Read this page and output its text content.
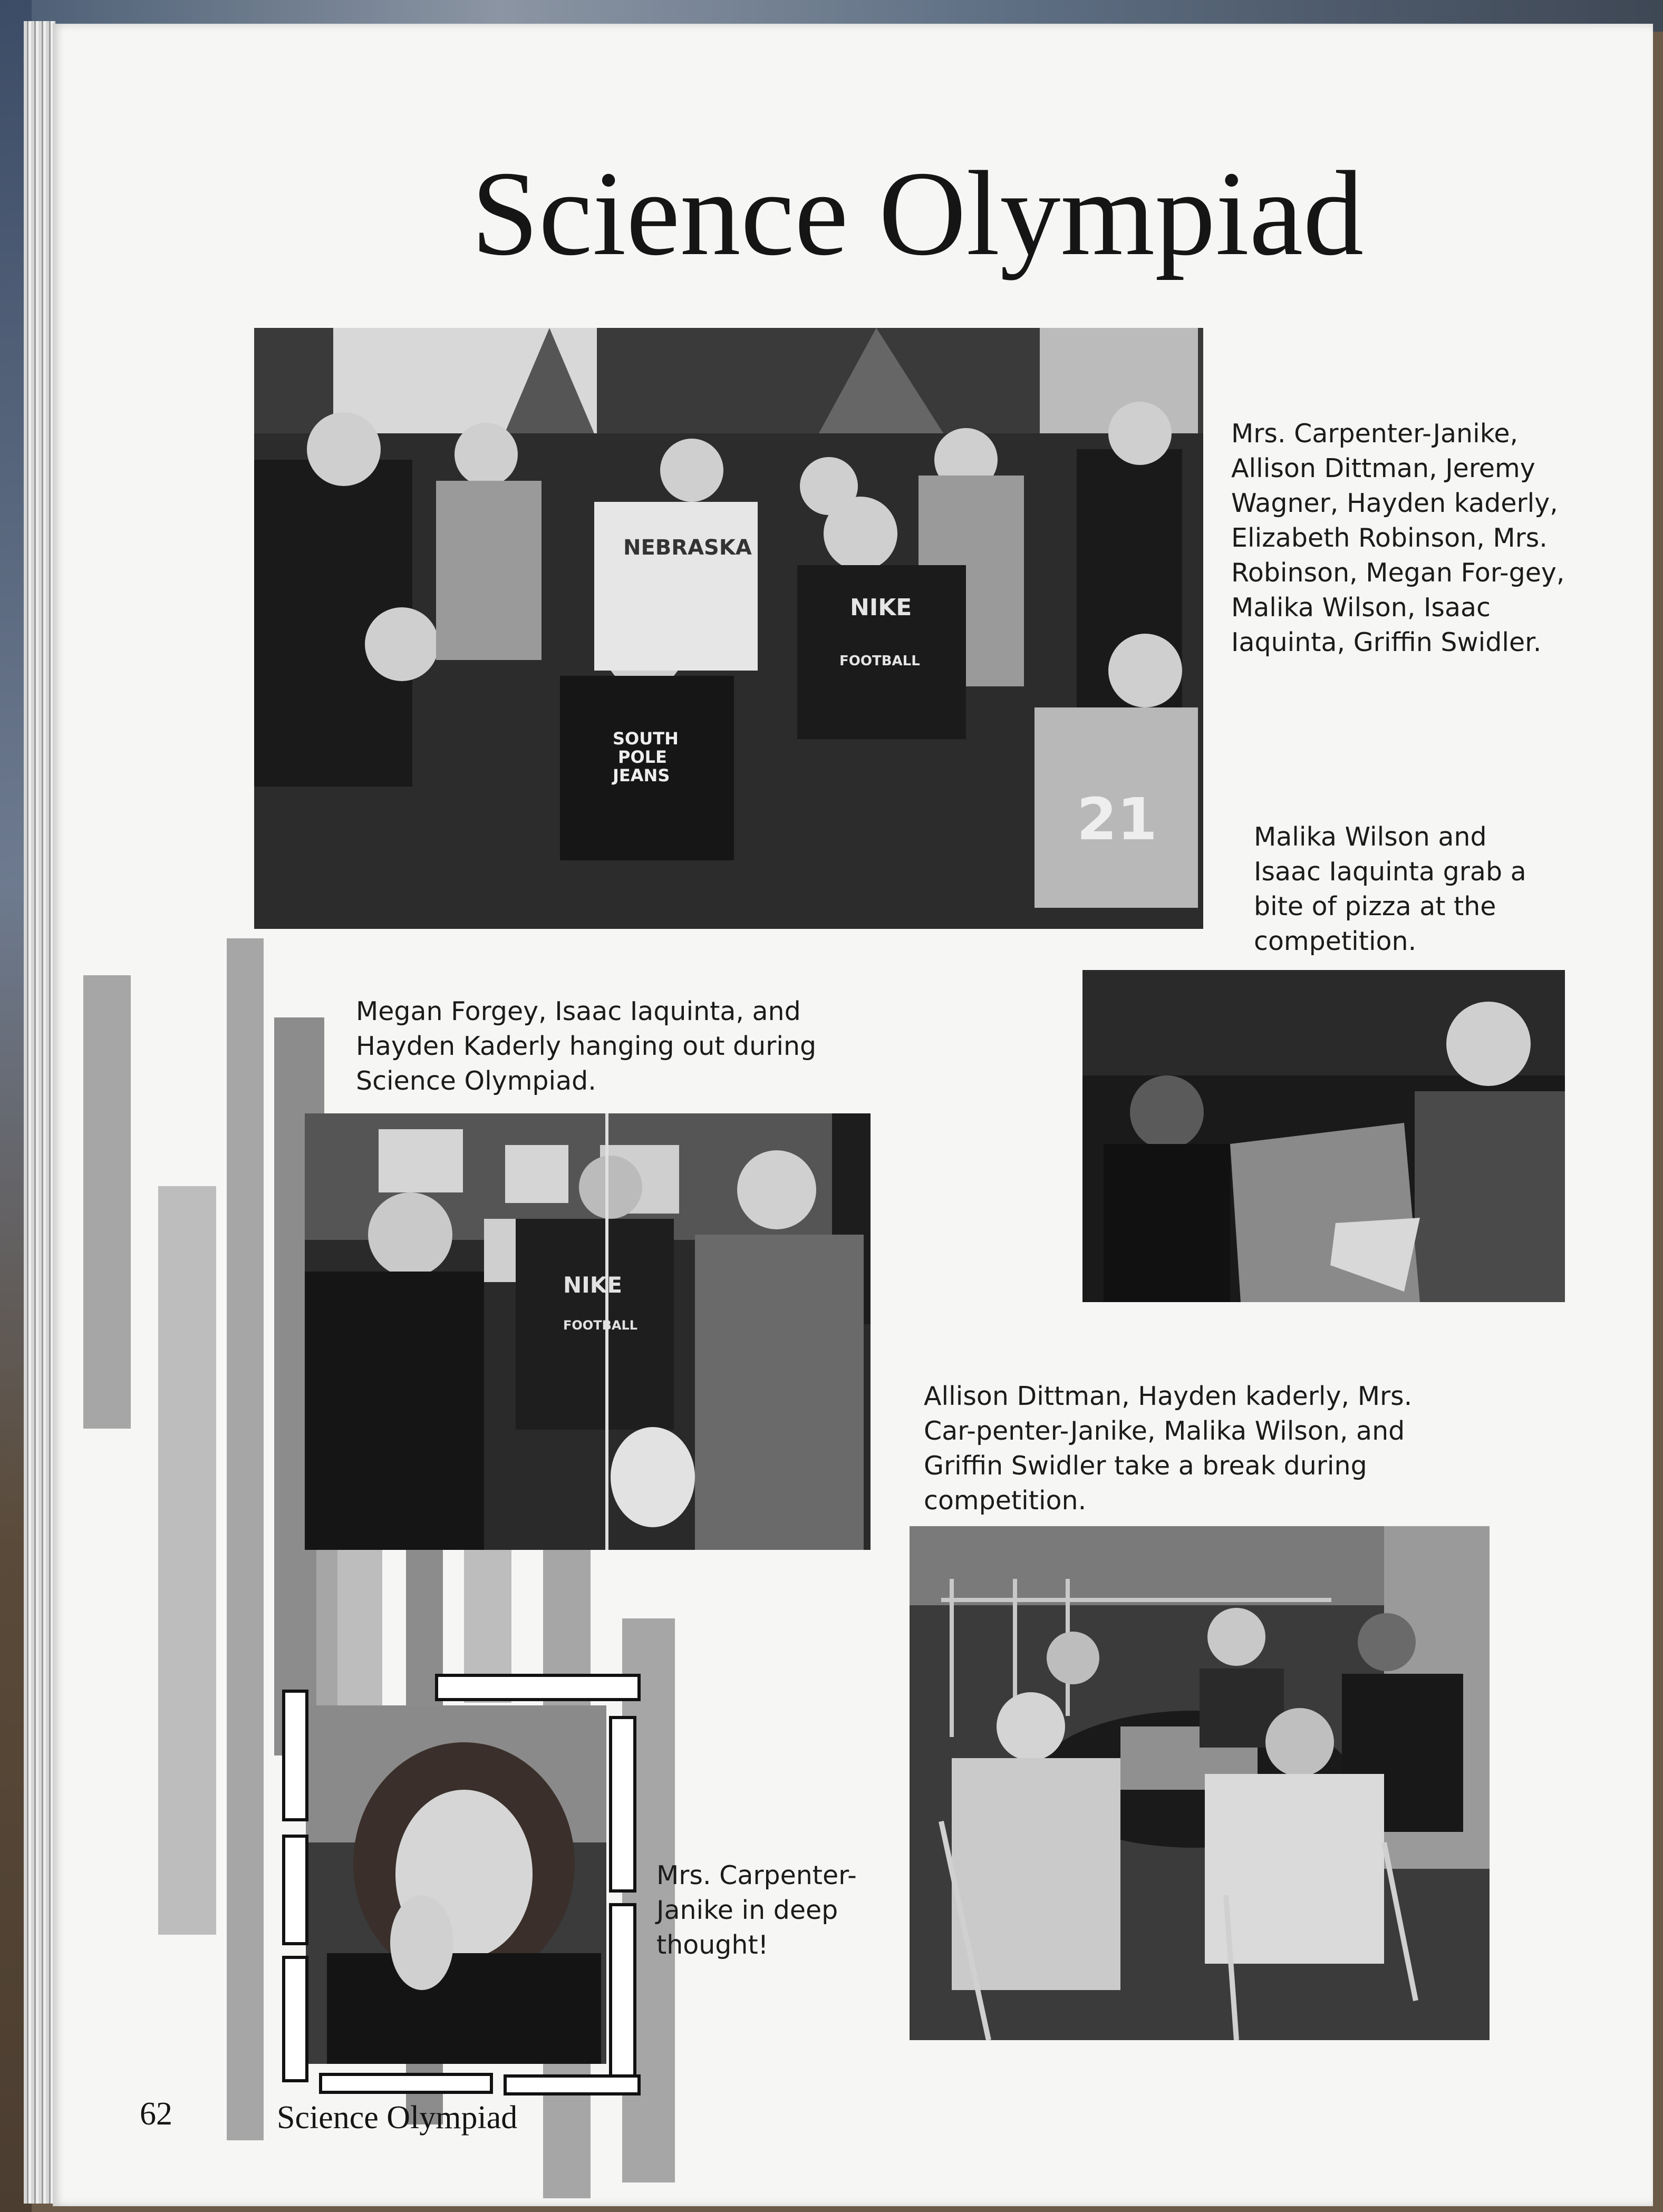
Science Olympiad
NEBRASKA
NIKE
FOOTBALL
SOUTH
POLE
JEANS
21

Mrs. Carpenter-Janike, Allison Dittman, Jeremy Wagner, Hayden kaderly, Elizabeth Robinson, Mrs. Robinson, Megan For-gey, Malika Wilson, Isaac Iaquinta, Griffin Swidler.

Malika Wilson and Isaac Iaquinta grab a bite of pizza at the competition.

Megan Forgey, Isaac Iaquinta, and Hayden Kaderly hanging out during Science Olympiad.

NIKE
FOOTBALL

Allison Dittman, Hayden kaderly, Mrs. Car-penter-Janike, Malika Wilson, and Griffin Swidler take a break during competition.

Mrs. Carpenter-Janike in deep thought!

62	Science Olympiad
